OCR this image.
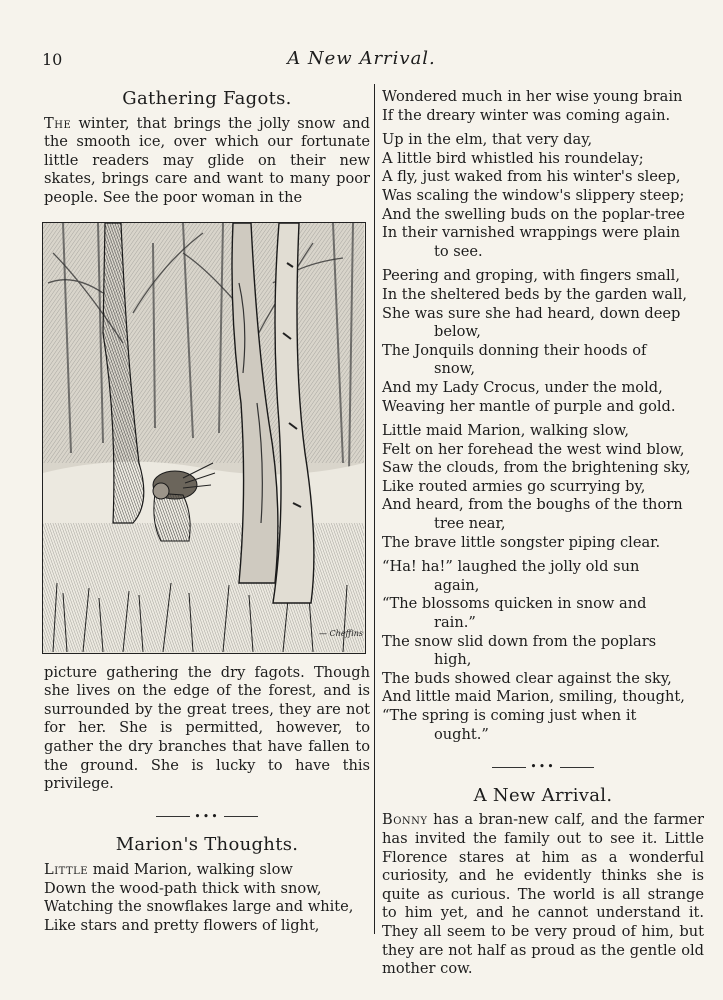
10	A New Arrival.
Gathering Fagots.

The winter, that brings the jolly snow and the smooth ice, over which our fortunate little readers may glide on their new skates, brings care and want to many poor people. See the poor woman in the

— Cheffins

picture gathering the dry fagots. Though she lives on the edge of the forest, and is surrounded by the great trees, they are not for her. She is permitted, however, to gather the dry branches that have fallen to the ground. She is lucky to have this privilege.

•••
Marion's Thoughts.

Little maid Marion, walking slow

Down the wood-path thick with snow,

Watching the snowflakes large and white,

Like stars and pretty flowers of light,

Wondered much in her wise young brain

If the dreary winter was coming again.

Up in the elm, that very day,

A little bird whistled his roundelay;

A fly, just waked from his winter's sleep,

Was scaling the window's slippery steep;

And the swelling buds on the poplar-tree

In their varnished wrappings were plain

to see.

Peering and groping, with fingers small,

In the sheltered beds by the garden wall,

She was sure she had heard, down deep

below,

The Jonquils donning their hoods of

snow,

And my Lady Crocus, under the mold,

Weaving her mantle of purple and gold.

Little maid Marion, walking slow,

Felt on her forehead the west wind blow,

Saw the clouds, from the brightening sky,

Like routed armies go scurrying by,

And heard, from the boughs of the thorn

tree near,

The brave little songster piping clear.

“Ha! ha!” laughed the jolly old sun

again,

“The blossoms quicken in snow and

rain.”

The snow slid down from the poplars

high,

The buds showed clear against the sky,

And little maid Marion, smiling, thought,

“The spring is coming just when it

ought.”

•••
A New Arrival.

Bonny has a bran-new calf, and the farmer has invited the family out to see it. Little Florence stares at him as a wonderful curiosity, and he evidently thinks she is quite as curious. The world is all strange to him yet, and he cannot understand it. They all seem to be very proud of him, but they are not half as proud as the gentle old mother cow.
